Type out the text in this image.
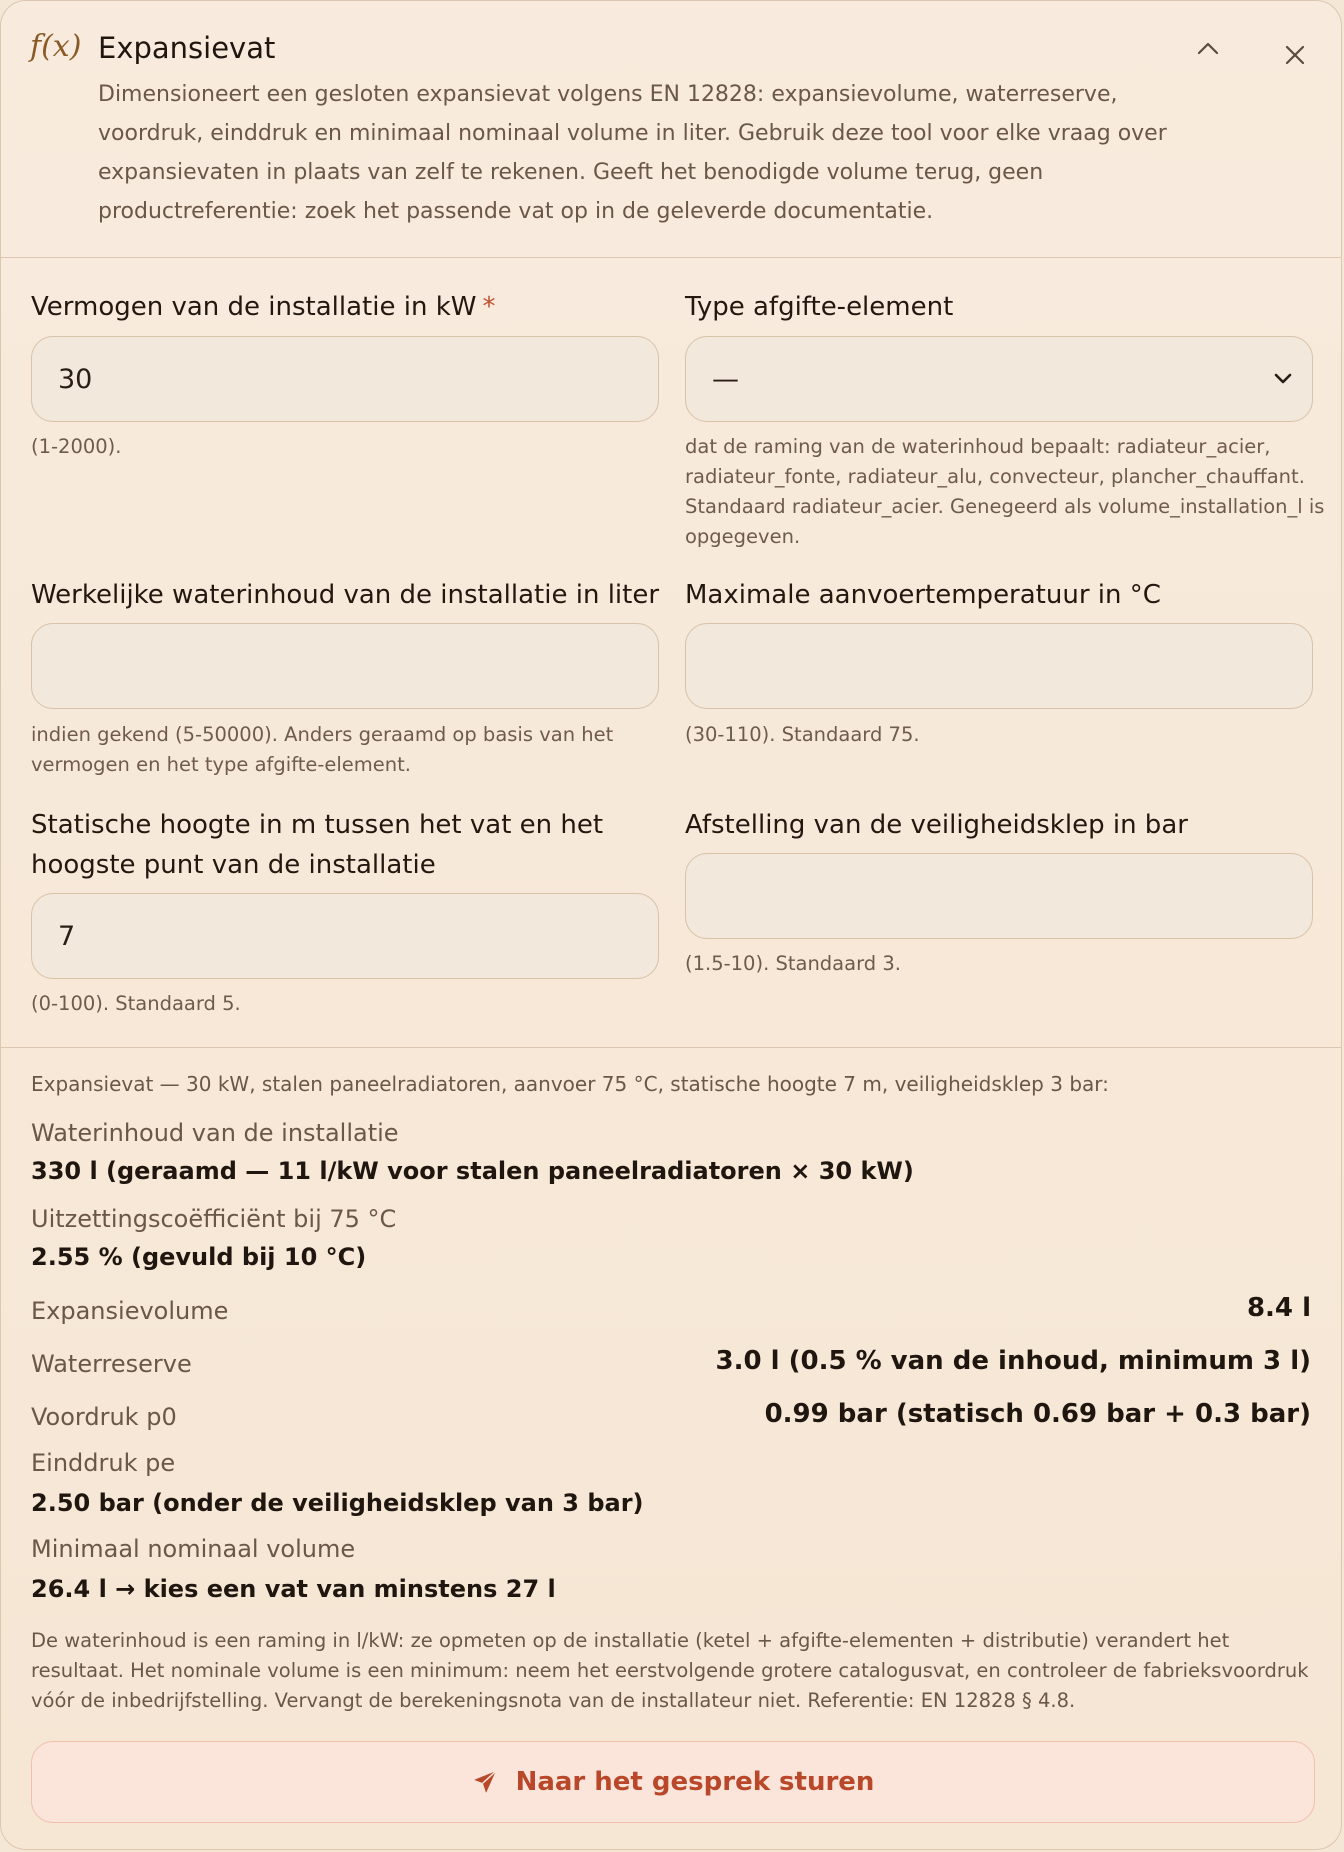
f(x) Expansievat
Dimensioneert een gesloten expansievat volgens EN 12828: expansievolume, waterreserve, voordruk, einddruk en minimaal nominaal volume in liter. Gebruik deze tool voor elke vraag over expansievaten in plaats van zelf te rekenen. Geeft het benodigde volume terug, geen productreferentie: zoek het passende vat op in de geleverde documentatie.
Vermogen van de installatie in kW *
30
(1-2000).
Type afgifte-element
—
dat de raming van de waterinhoud bepaalt: radiateur_acier, radiateur_fonte, radiateur_alu, convecteur, plancher_chauffant. Standaard radiateur_acier. Genegeerd als volume_installation_l is opgegeven.
Werkelijke waterinhoud van de installatie in liter
indien gekend (5-50000). Anders geraamd op basis van het vermogen en het type afgifte-element.
Maximale aanvoertemperatuur in °C
(30-110). Standaard 75.
Statische hoogte in m tussen het vat en het hoogste punt van de installatie
7
(0-100). Standaard 5.
Afstelling van de veiligheidsklep in bar
(1.5-10). Standaard 3.
Expansievat — 30 kW, stalen paneelradiatoren, aanvoer 75 °C, statische hoogte 7 m, veiligheidsklep 3 bar:
Waterinhoud van de installatie
330 l (geraamd — 11 l/kW voor stalen paneelradiatoren × 30 kW)
Uitzettingscoëfficiënt bij 75 °C
2.55 % (gevuld bij 10 °C)
Expansievolume	8.4 l
Waterreserve	3.0 l (0.5 % van de inhoud, minimum 3 l)
Voordruk p0	0.99 bar (statisch 0.69 bar + 0.3 bar)
Einddruk pe
2.50 bar (onder de veiligheidsklep van 3 bar)
Minimaal nominaal volume
26.4 l → kies een vat van minstens 27 l
De waterinhoud is een raming in l/kW: ze opmeten op de installatie (ketel + afgifte-elementen + distributie) verandert het resultaat. Het nominale volume is een minimum: neem het eerstvolgende grotere catalogusvat, en controleer de fabrieksvoordruk vóór de inbedrijfstelling. Vervangt de berekeningsnota van de installateur niet. Referentie: EN 12828 § 4.8.
Naar het gesprek sturen
